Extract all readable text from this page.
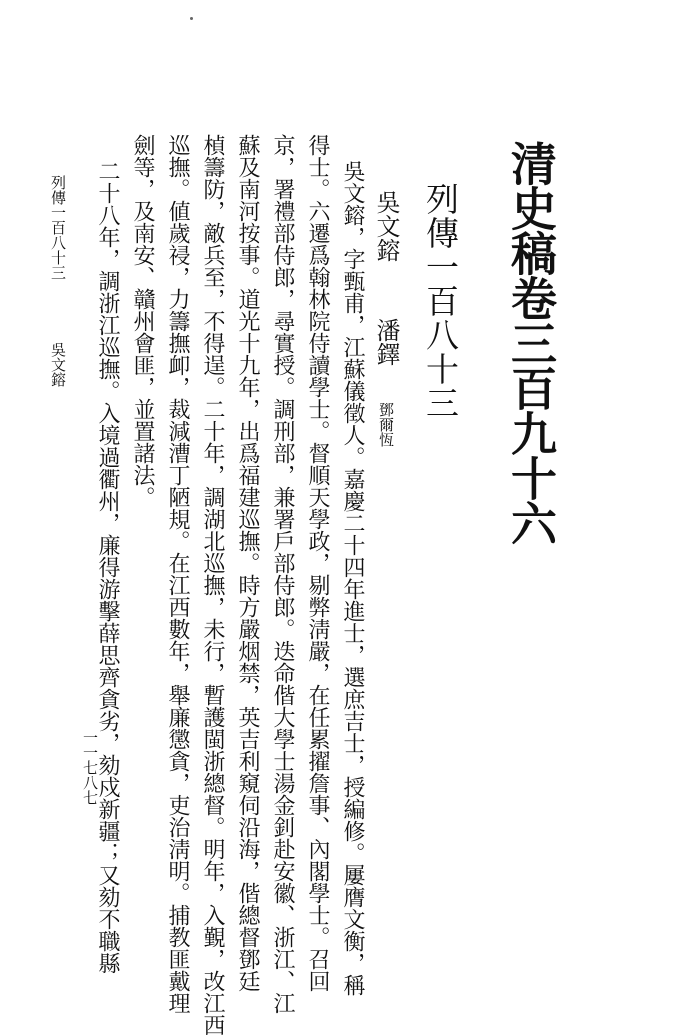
清史稿卷三百九十六

列傳一百八十三

吳文鎔 潘鐸 鄧爾恆

吳文鎔，字甄甫，江蘇儀徵人。嘉慶二十四年進士，選庶吉士，授編修。屢膺文衡，稱

得士。六遷爲翰林院侍讀學士。督順天學政，剔弊淸嚴，在任累擢詹事、內閣學士。召回

京，署禮部侍郎，尋實授。調刑部，兼署戶部侍郎。迭命偕大學士湯金釗赴安徽、浙江、江

蘇及南河按事。道光十九年，出爲福建巡撫。時方嚴烟禁，英吉利窺伺沿海，偕總督鄧廷

楨籌防，敵兵至，不得逞。二十年，調湖北巡撫，未行，暫護閩浙總督。明年，入覲，改江西

巡撫。値歲祲，力籌撫卹，裁減漕丁陋規。在江西數年，舉廉懲貪，吏治淸明。捕教匪戴理

劍等，及南安、贛州會匪，並置諸法。

二十八年，調浙江巡撫。入境過衢州，廉得游擊薛思齊貪劣，劾戍新疆；又劾不職縣

列傳一百八十三 吳文鎔

一一七八七
